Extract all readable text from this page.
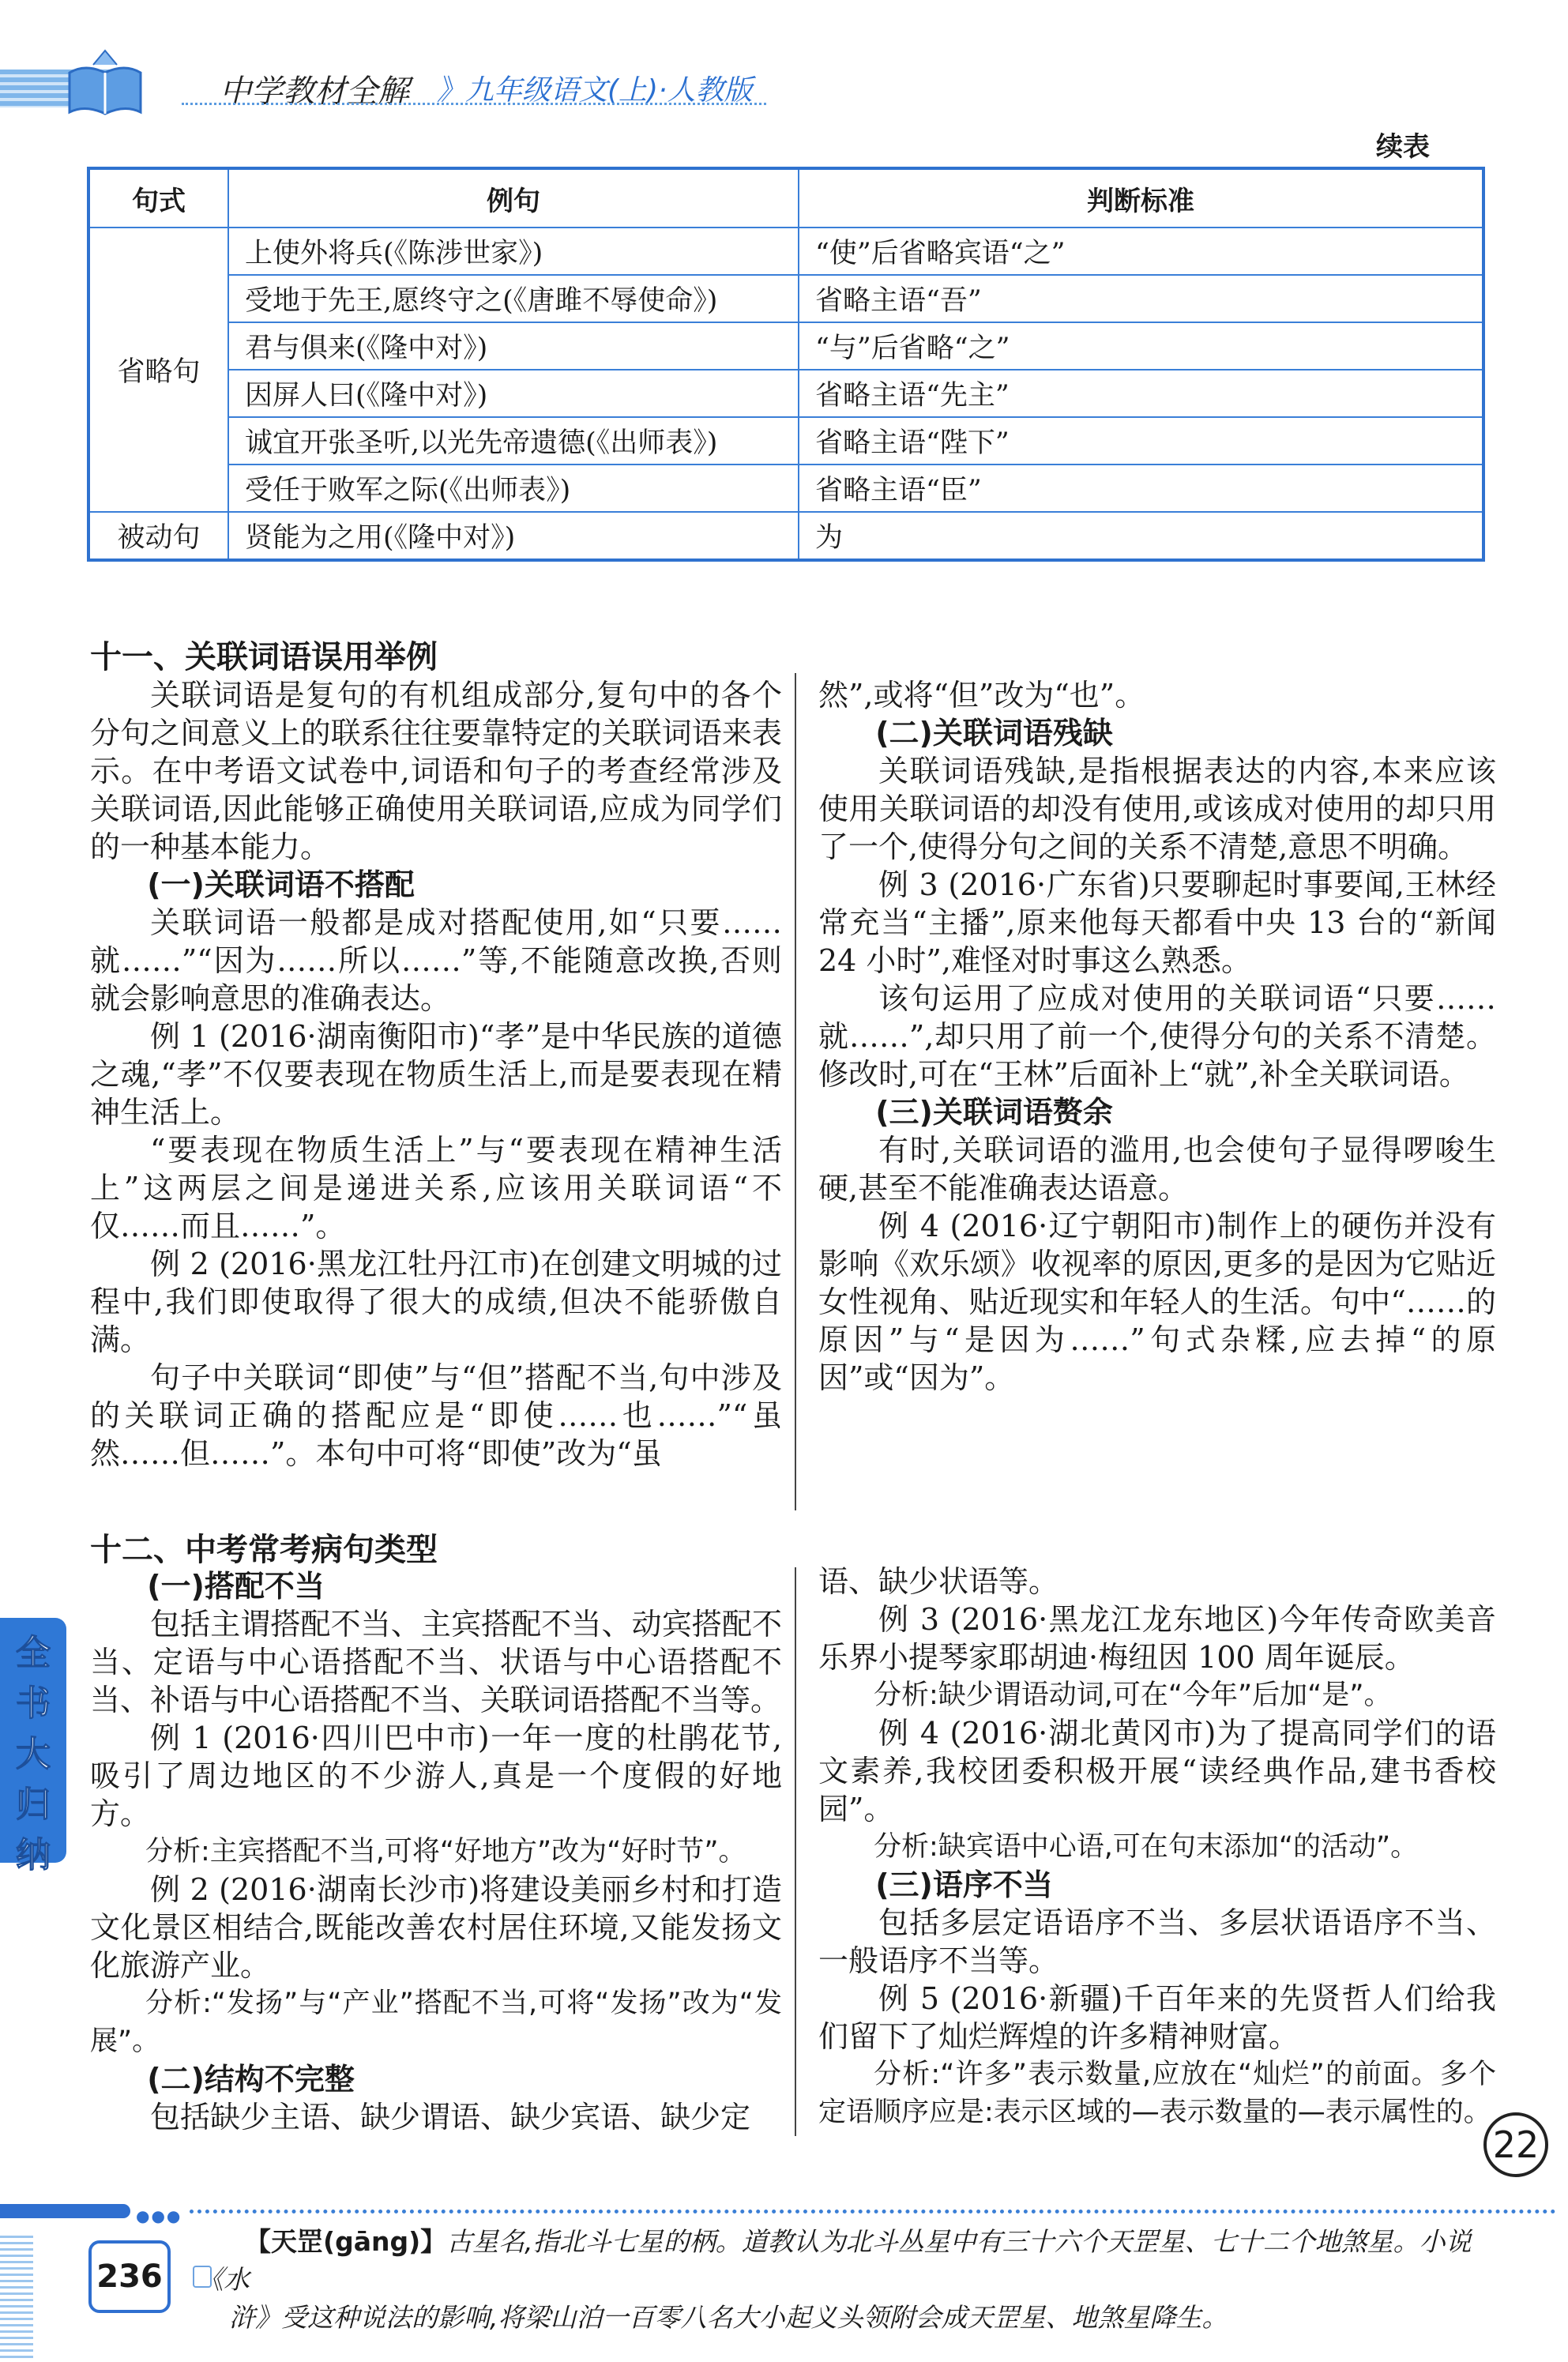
中学教材全解 》九年级语文(上)·人教版
续表
句式	例句	判断标准
省略句	上使外将兵(《陈涉世家》)	“使”后省略宾语“之”
	受地于先王,愿终守之(《唐雎不辱使命》)	省略主语“吾”
	君与俱来(《隆中对》)	“与”后省略“之”
	因屏人曰(《隆中对》)	省略主语“先主”
	诚宜开张圣听,以光先帝遗德(《出师表》)	省略主语“陛下”
	受任于败军之际(《出师表》)	省略主语“臣”
被动句	贤能为之用(《隆中对》)	为
十一、关联词语误用举例

关联词语是复句的有机组成部分,复句中的各个分句之间意义上的联系往往要靠特定的关联词语来表示。在中考语文试卷中,词语和句子的考查经常涉及关联词语,因此能够正确使用关联词语,应成为同学们的一种基本能力。

(一)关联词语不搭配

关联词语一般都是成对搭配使用,如“只要……就……”“因为……所以……”等,不能随意改换,否则就会影响意思的准确表达。

例 1 (2016·湖南衡阳市)“孝”是中华民族的道德之魂,“孝”不仅要表现在物质生活上,而是要表现在精神生活上。

“要表现在物质生活上”与“要表现在精神生活上”这两层之间是递进关系,应该用关联词语“不仅……而且……”。

例 2 (2016·黑龙江牡丹江市)在创建文明城的过程中,我们即使取得了很大的成绩,但决不能骄傲自满。

句子中关联词“即使”与“但”搭配不当,句中涉及的关联词正确的搭配应是“即使……也……”“虽然……但……”。本句中可将“即使”改为“虽

然”,或将“但”改为“也”。

(二)关联词语残缺

关联词语残缺,是指根据表达的内容,本来应该使用关联词语的却没有使用,或该成对使用的却只用了一个,使得分句之间的关系不清楚,意思不明确。

例 3 (2016·广东省)只要聊起时事要闻,王林经常充当“主播”,原来他每天都看中央 13 台的“新闻 24 小时”,难怪对时事这么熟悉。

该句运用了应成对使用的关联词语“只要……就……”,却只用了前一个,使得分句的关系不清楚。修改时,可在“王林”后面补上“就”,补全关联词语。

(三)关联词语赘余

有时,关联词语的滥用,也会使句子显得啰唆生硬,甚至不能准确表达语意。

例 4 (2016·辽宁朝阳市)制作上的硬伤并没有影响《欢乐颂》收视率的原因,更多的是因为它贴近女性视角、贴近现实和年轻人的生活。句中“……的原因”与“是因为……”句式杂糅,应去掉“的原因”或“因为”。

十二、中考常考病句类型
(一)搭配不当

包括主谓搭配不当、主宾搭配不当、动宾搭配不当、定语与中心语搭配不当、状语与中心语搭配不当、补语与中心语搭配不当、关联词语搭配不当等。

例 1 (2016·四川巴中市)一年一度的杜鹃花节,吸引了周边地区的不少游人,真是一个度假的好地方。

分析:主宾搭配不当,可将“好地方”改为“好时节”。

例 2 (2016·湖南长沙市)将建设美丽乡村和打造文化景区相结合,既能改善农村居住环境,又能发扬文化旅游产业。

分析:“发扬”与“产业”搭配不当,可将“发扬”改为“发展”。

(二)结构不完整

包括缺少主语、缺少谓语、缺少宾语、缺少定

语、缺少状语等。

例 3 (2016·黑龙江龙东地区)今年传奇欧美音乐界小提琴家耶胡迪·梅纽因 100 周年诞辰。

分析:缺少谓语动词,可在“今年”后加“是”。

例 4 (2016·湖北黄冈市)为了提高同学们的语文素养,我校团委积极开展“读经典作品,建书香校园”。

分析:缺宾语中心语,可在句末添加“的活动”。

(三)语序不当

包括多层定语语序不当、多层状语语序不当、一般语序不当等。

例 5 (2016·新疆)千百年来的先贤哲人们给我们留下了灿烂辉煌的许多精神财富。

分析:“许多”表示数量,应放在“灿烂”的前面。多个定语顺序应是:表示区域的—表示数量的—表示属性的。

全
书
大
归
纳
22
●●●
236
【天罡(gāng)】古星名,指北斗七星的柄。道教认为北斗丛星中有三十六个天罡星、七十二个地煞星。小说《水
浒》受这种说法的影响,将梁山泊一百零八名大小起义头领附会成天罡星、地煞星降生。
